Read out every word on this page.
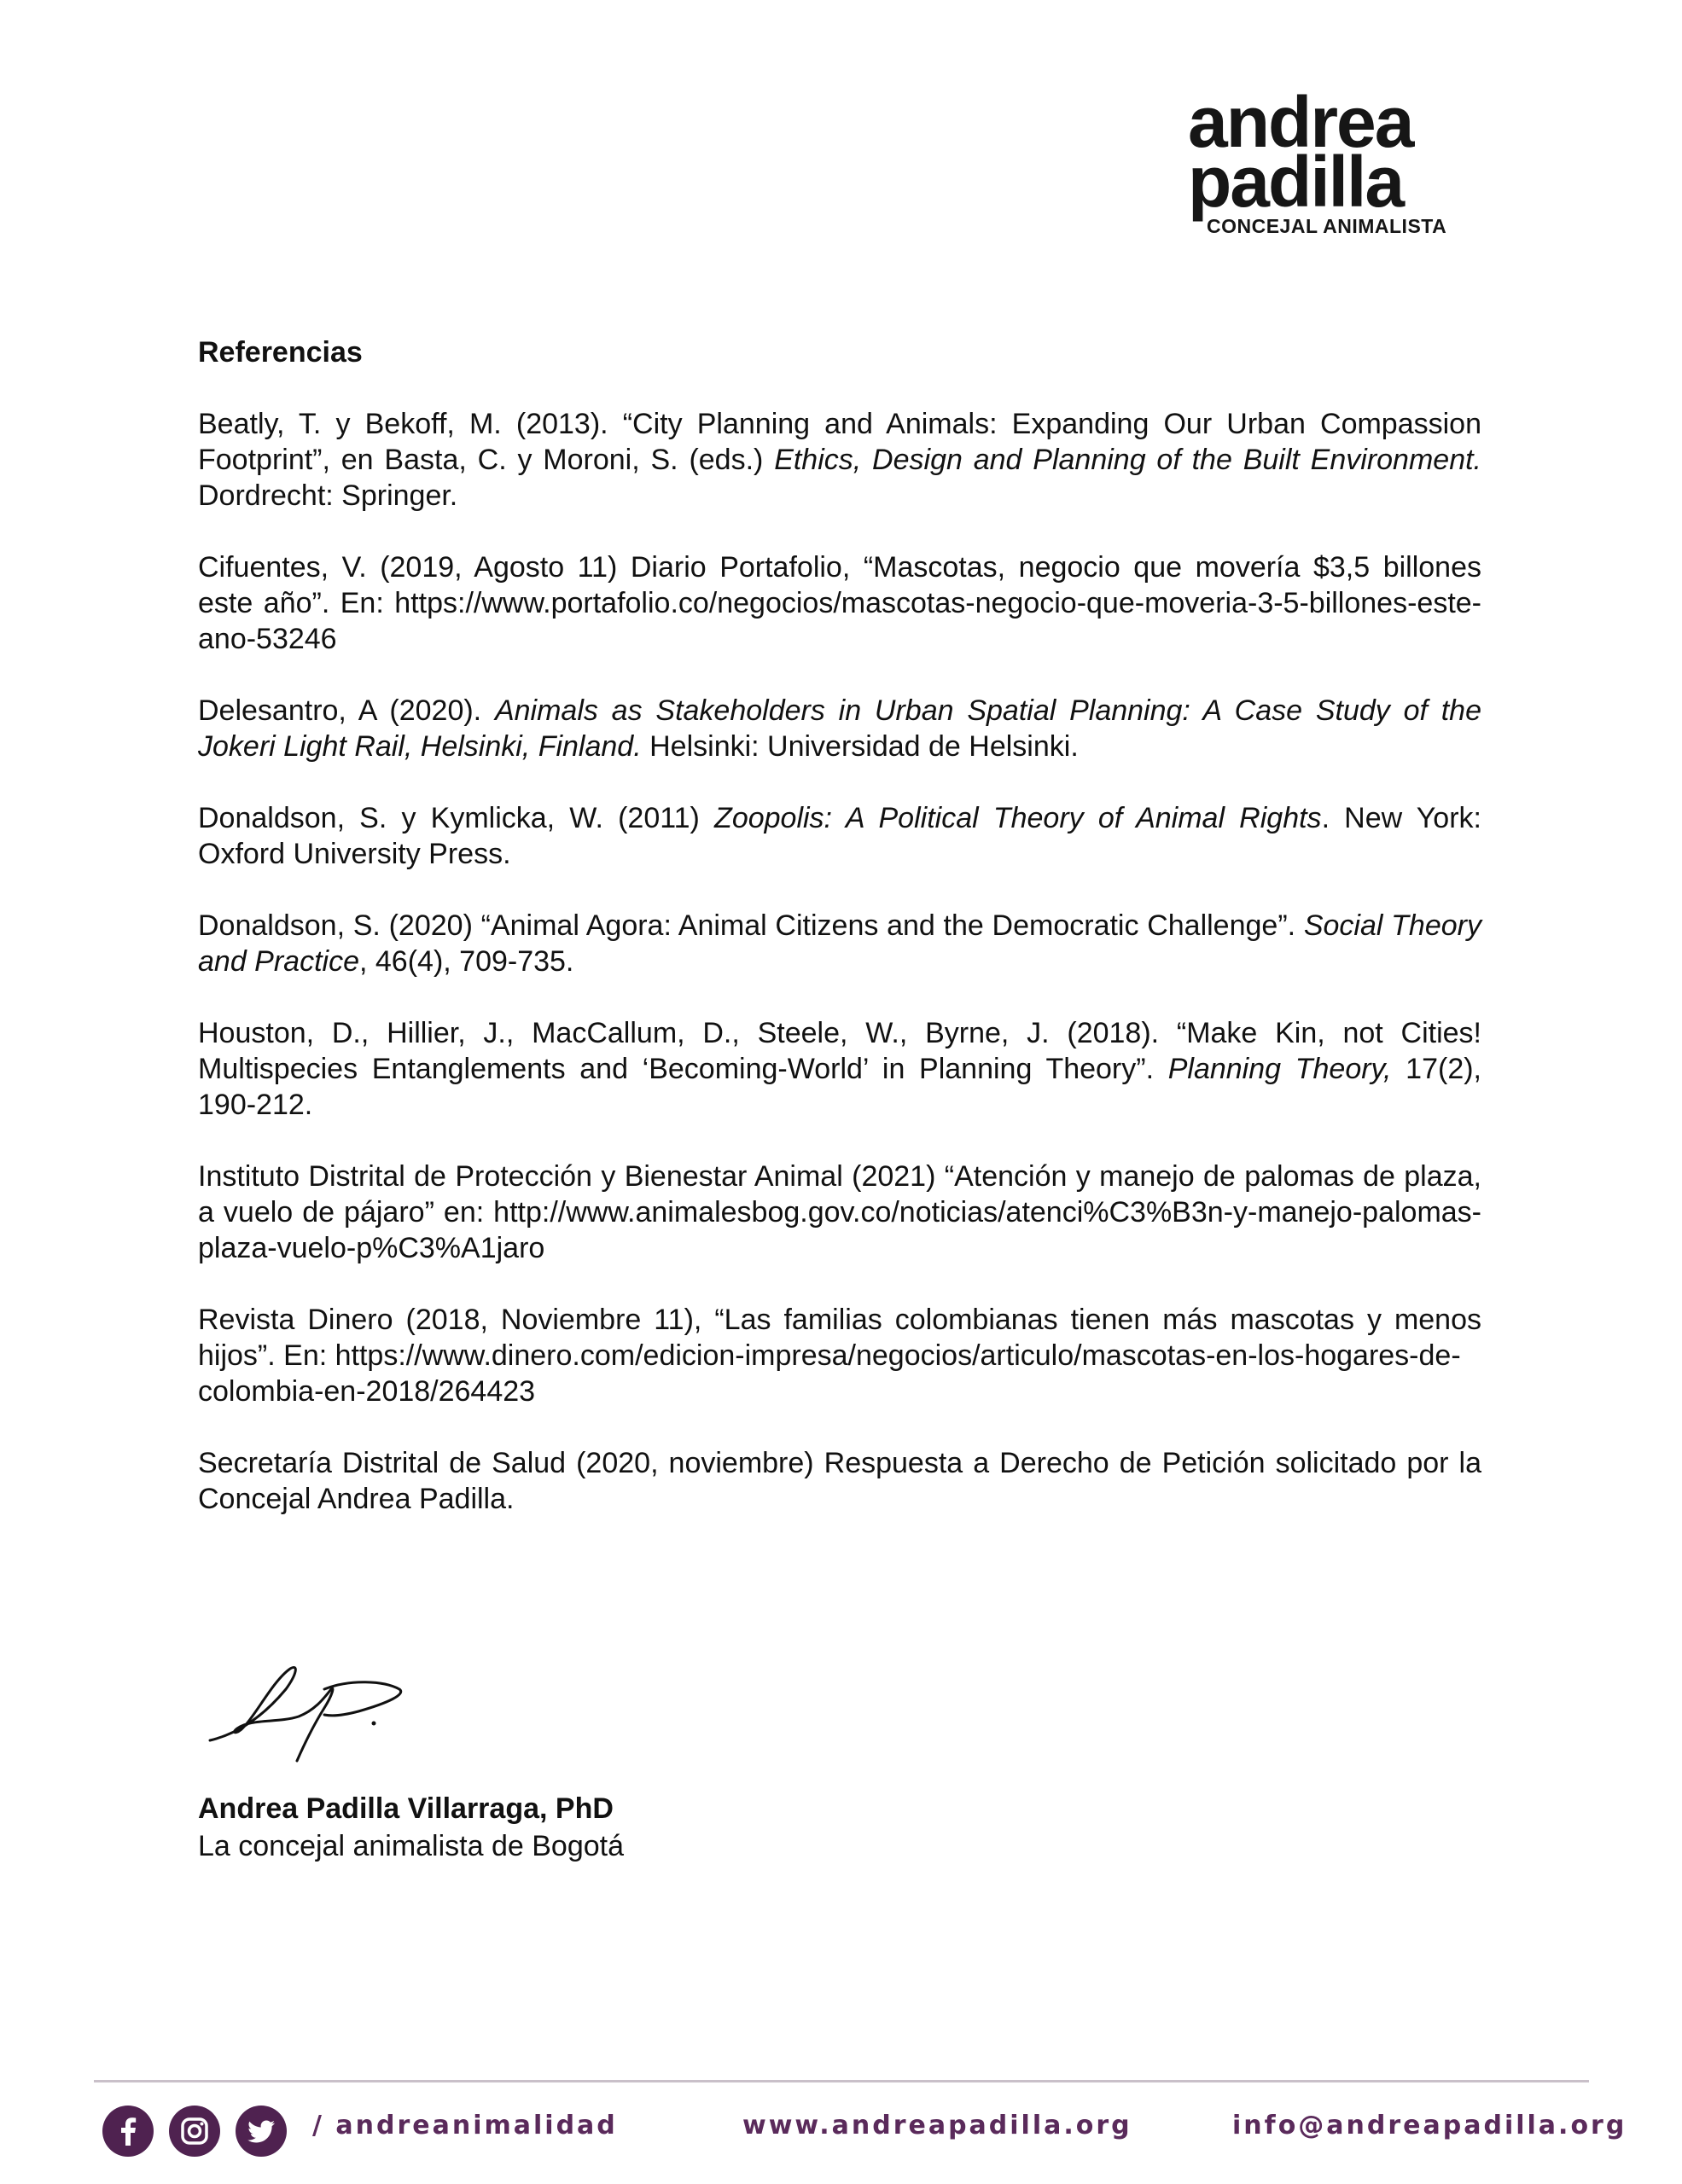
andrea
padilla
CONCEJAL ANIMALISTA
Referencias

Beatly, T. y Bekoff, M. (2013). “City Planning and Animals: Expanding Our Urban Compassion Footprint”, en Basta, C. y Moroni, S. (eds.) Ethics, Design and Planning of the Built Environment. Dordrecht: Springer.

Cifuentes, V. (2019, Agosto 11) Diario Portafolio, “Mascotas, negocio que movería $3,5 billones este año”. En: https://www.portafolio.co/negocios/mascotas-negocio-que-moveria-3-5-billones-este-ano-53246

Delesantro, A (2020). Animals as Stakeholders in Urban Spatial Planning: A Case Study of the Jokeri Light Rail, Helsinki, Finland. Helsinki: Universidad de Helsinki.

Donaldson, S. y Kymlicka, W. (2011) Zoopolis: A Political Theory of Animal Rights. New York: Oxford University Press.

Donaldson, S. (2020) “Animal Agora: Animal Citizens and the Democratic Challenge”. Social Theory and Practice, 46(4), 709-735.

Houston, D., Hillier, J., MacCallum, D., Steele, W., Byrne, J. (2018). “Make Kin, not Cities! Multispecies Entanglements and ‘Becoming-World’ in Planning Theory”. Planning Theory, 17(2), 190-212.

Instituto Distrital de Protección y Bienestar Animal (2021) “Atención y manejo de palomas de plaza, a vuelo de pájaro” en: http://www.animalesbog.gov.co/noticias/atenci%C3%B3n-y-manejo-palomas-plaza-vuelo-p%C3%A1jaro

Revista Dinero (2018, Noviembre 11), “Las familias colombianas tienen más mascotas y menos hijos”. En: https://www.dinero.com/edicion-impresa/negocios/articulo/mascotas-en-los-hogares-de-
colombia-en-2018/264423

Secretaría Distrital de Salud (2020, noviembre) Respuesta a Derecho de Petición solicitado por la Concejal Andrea Padilla.

Andrea Padilla Villarraga, PhD
La concejal animalista de Bogotá
/ andreanimalidad	www.andreapadilla.org	info@andreapadilla.org
